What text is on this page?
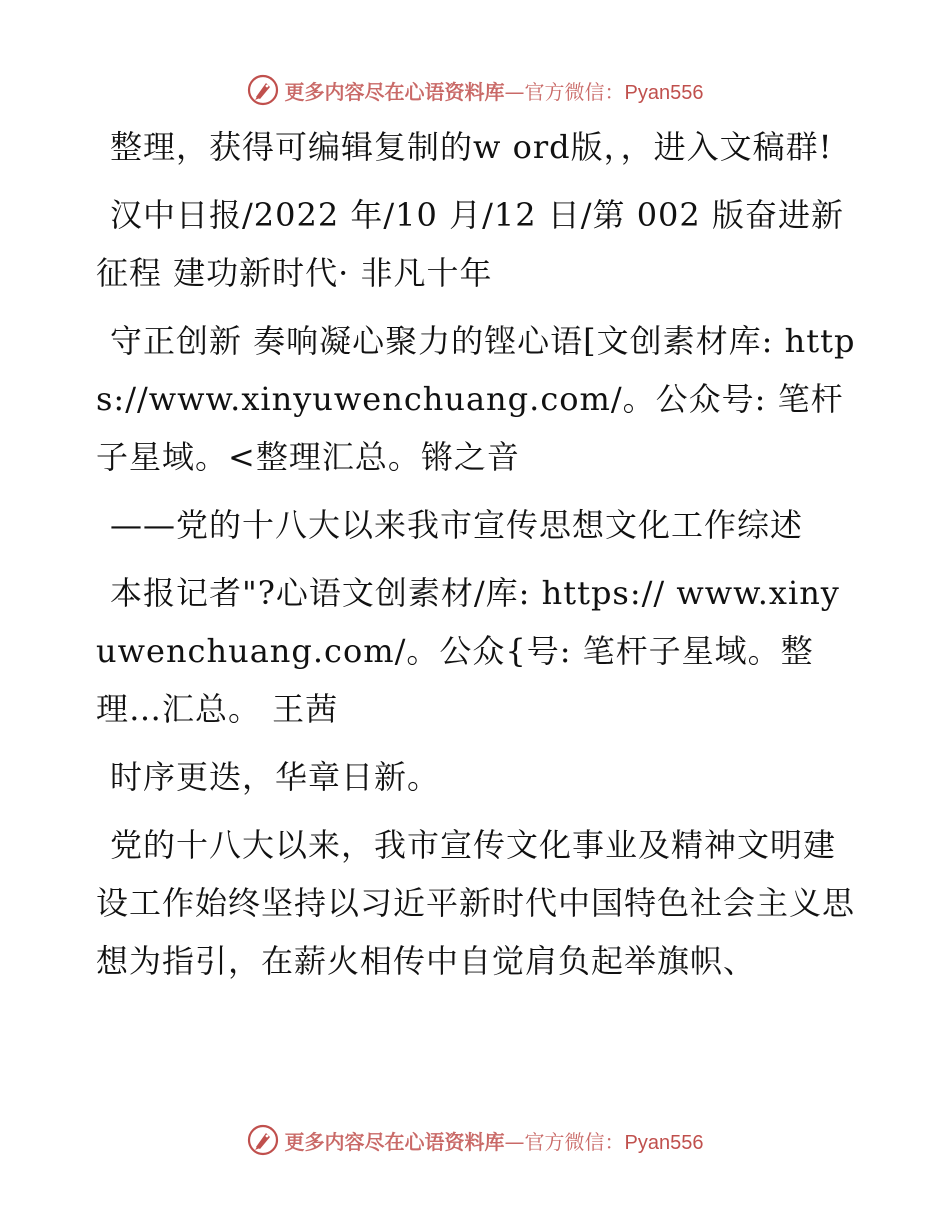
更多内容尽在心语资料库—官方微信：Pyan556

整理，获得可编辑复制的w ord版，，进入文稿群!

汉中日报/2022 年/10 月/12 日/第 002 版奋进新征程 建功新时代· 非凡十年

守正创新 奏响凝心聚力的铿心语[文创素材库: https://www.xinyuwenchuang.com/。公众号: 笔杆子星域。<整理汇总。锵之音

——党的十八大以来我市宣传思想文化工作综述

本报记者"?心语文创素材/库: https:// www.xinyuwenchuang.com/。公众{号: 笔杆子星域。整理…汇总。 王茜

时序更迭，华章日新。

党的十八大以来，我市宣传文化事业及精神文明建设工作始终坚持以习近平新时代中国特色社会主义思想为指引，在薪火相传中自觉肩负起举旗帜、

更多内容尽在心语资料库—官方微信：Pyan556
